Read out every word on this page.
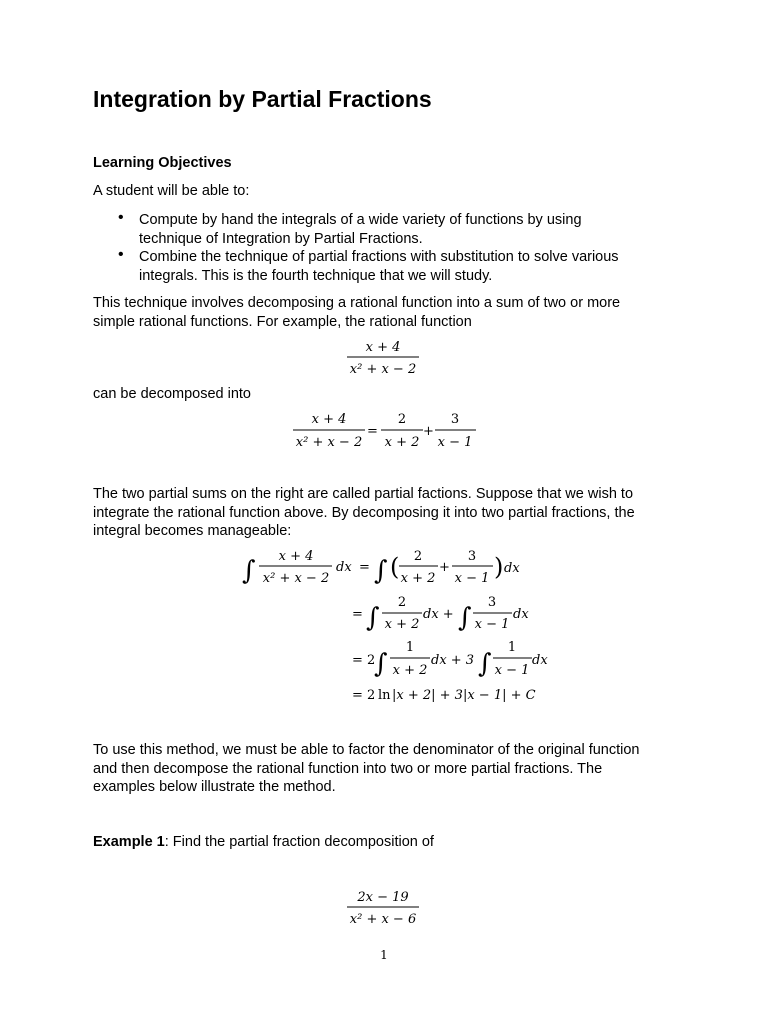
Integration by Partial Fractions
Learning Objectives
A student will be able to:
• Compute by hand the integrals of a wide variety of functions by using
technique of Integration by Partial Fractions.
• Combine the technique of partial fractions with substitution to solve various
integrals. This is the fourth technique that we will study.
This technique involves decomposing a rational function into a sum of two or more
simple rational functions. For example, the rational function
x + 4
x² + x − 2
can be decomposed into
x + 4
x² + x − 2
=
2
x + 2
+
3
x − 1
The two partial sums on the right are called partial factions. Suppose that we wish to
integrate the rational function above. By decomposing it into two partial fractions, the
integral becomes manageable:
∫ x + 4
x² + x − 2
dx = ∫ ( 2
x + 2
+
3
x − 1 ) dx
= ∫
2
x + 2
dx + ∫
3
x − 1
dx
= 2
∫
1
x + 2
dx + 3 ∫
1
x − 1
dx
= 2 ln |x + 2| + 3|x − 1| + C
To use this method, we must be able to factor the denominator of the original function
and then decompose the rational function into two or more partial fractions. The
examples below illustrate the method.
Example 1: Find the partial fraction decomposition of
2x − 19
x² + x − 6
1
